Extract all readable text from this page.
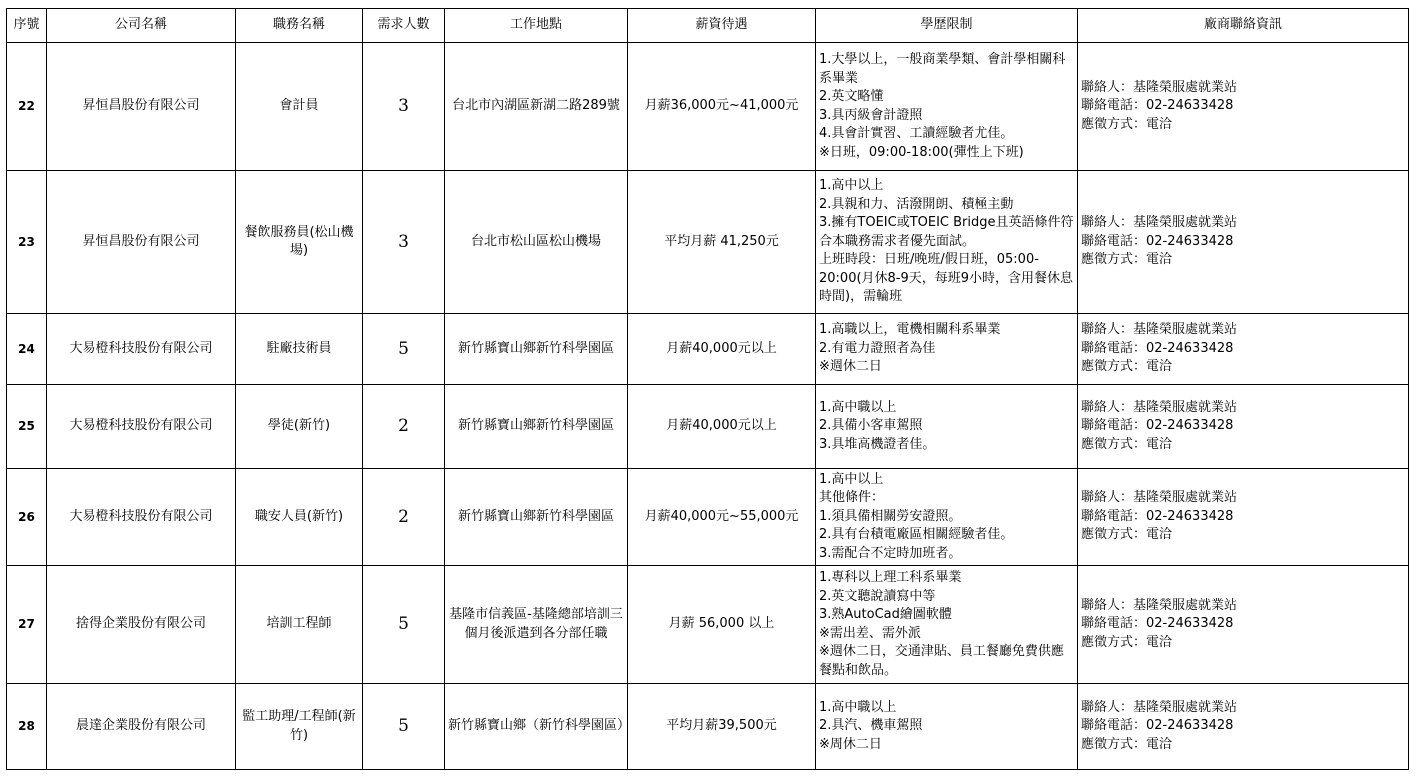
序號	公司名稱	職務名稱	需求人數	工作地點	薪資待遇	學歷限制	廠商聯絡資訊
22	昇恒昌股份有限公司	會計員	3	台北市內湖區新湖二路289號	月薪36,000元~41,000元	1.大學以上，一般商業學類、會計學相關科系畢業
2.英文略懂
3.具丙級會計證照
4.具會計實習、工讀經驗者尤佳。
※日班，09:00-18:00(彈性上下班)	聯絡人：基隆榮服處就業站
聯絡電話：02-24633428
應徵方式：電洽

23	昇恒昌股份有限公司	餐飲服務員(松山機場)	3	台北市松山區松山機場	平均月薪 41,250元	1.高中以上
2.具親和力、活潑開朗、積極主動
3.擁有TOEIC或TOEIC Bridge且英語條件符合本職務需求者優先面試。
上班時段：日班/晚班/假日班，05:00-20:00(月休8-9天，每班9小時，含用餐休息時間)，需輪班	聯絡人：基隆榮服處就業站
聯絡電話：02-24633428
應徵方式：電洽

24	大易橙科技股份有限公司	駐廠技術員	5	新竹縣寶山鄉新竹科學園區	月薪40,000元以上	1.高職以上，電機相關科系畢業
2.有電力證照者為佳
※週休二日	聯絡人：基隆榮服處就業站
聯絡電話：02-24633428
應徵方式：電洽

25	大易橙科技股份有限公司	學徒(新竹)	2	新竹縣寶山鄉新竹科學園區	月薪40,000元以上	1.高中職以上
2.具備小客車駕照
3.具堆高機證者佳。	聯絡人：基隆榮服處就業站
聯絡電話：02-24633428
應徵方式：電洽

26	大易橙科技股份有限公司	職安人員(新竹)	2	新竹縣寶山鄉新竹科學園區	月薪40,000元~55,000元	1.高中以上
其他條件：
1.須具備相關勞安證照。
2.具有台積電廠區相關經驗者佳。
3.需配合不定時加班者。	聯絡人：基隆榮服處就業站
聯絡電話：02-24633428
應徵方式：電洽

27	捨得企業股份有限公司	培訓工程師	5	基隆市信義區-基隆總部培訓三個月後派遣到各分部任職	月薪 56,000 以上	1.專科以上理工科系畢業
2.英文聽說讀寫中等
3.熟AutoCad繪圖軟體
※需出差、需外派
※週休二日，交通津貼、員工餐廳免費供應餐點和飲品。	聯絡人：基隆榮服處就業站
聯絡電話：02-24633428
應徵方式：電洽

28	晨達企業股份有限公司	監工助理/工程師(新竹)	5	新竹縣寶山鄉（新竹科學園區）	平均月薪39,500元	1.高中職以上
2.具汽、機車駕照
※周休二日	聯絡人：基隆榮服處就業站
聯絡電話：02-24633428
應徵方式：電洽
